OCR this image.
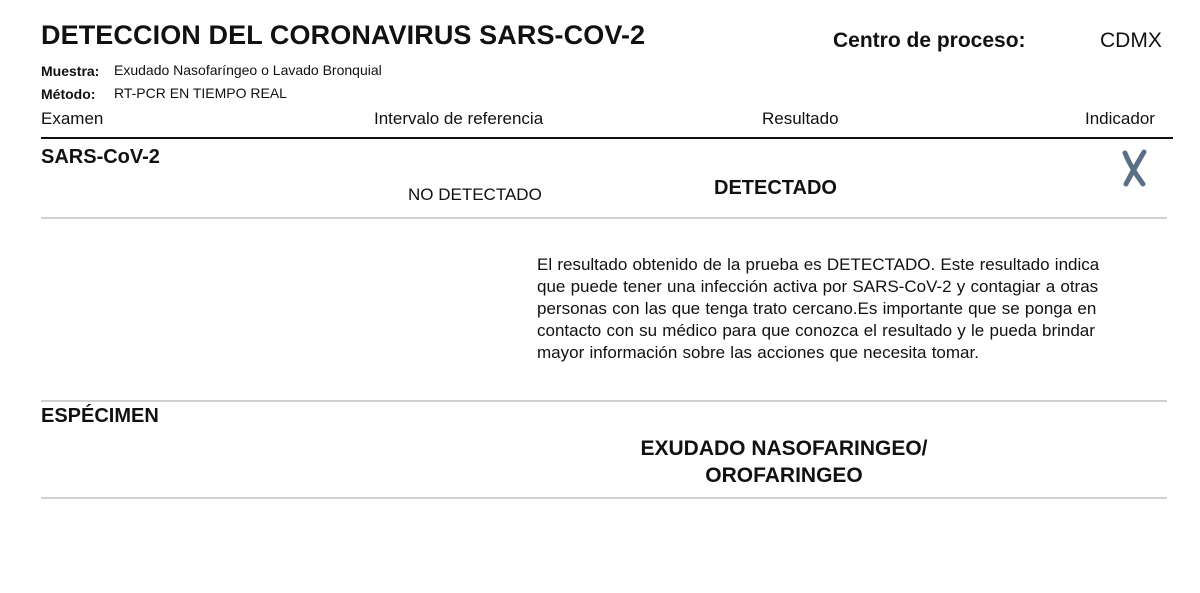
DETECCION DEL CORONAVIRUS SARS-COV-2	Centro de proceso:	CDMX
Muestra: Exudado Nasofaríngeo o Lavado Bronquial
Método: RT-PCR EN TIEMPO REAL
Examen	Intervalo de referencia	Resultado	Indicador
SARS-CoV-2
NO DETECTADO	DETECTADO
El resultado obtenido de la prueba es DETECTADO. Este resultado indica que puede tener una infección activa por SARS-CoV-2 y contagiar a otras personas con las que tenga trato cercano.Es importante que se ponga en contacto con su médico para que conozca el resultado y le pueda brindar mayor información sobre las acciones que necesita tomar.
ESPÉCIMEN
EXUDADO NASOFARINGEO/
OROFARINGEO
